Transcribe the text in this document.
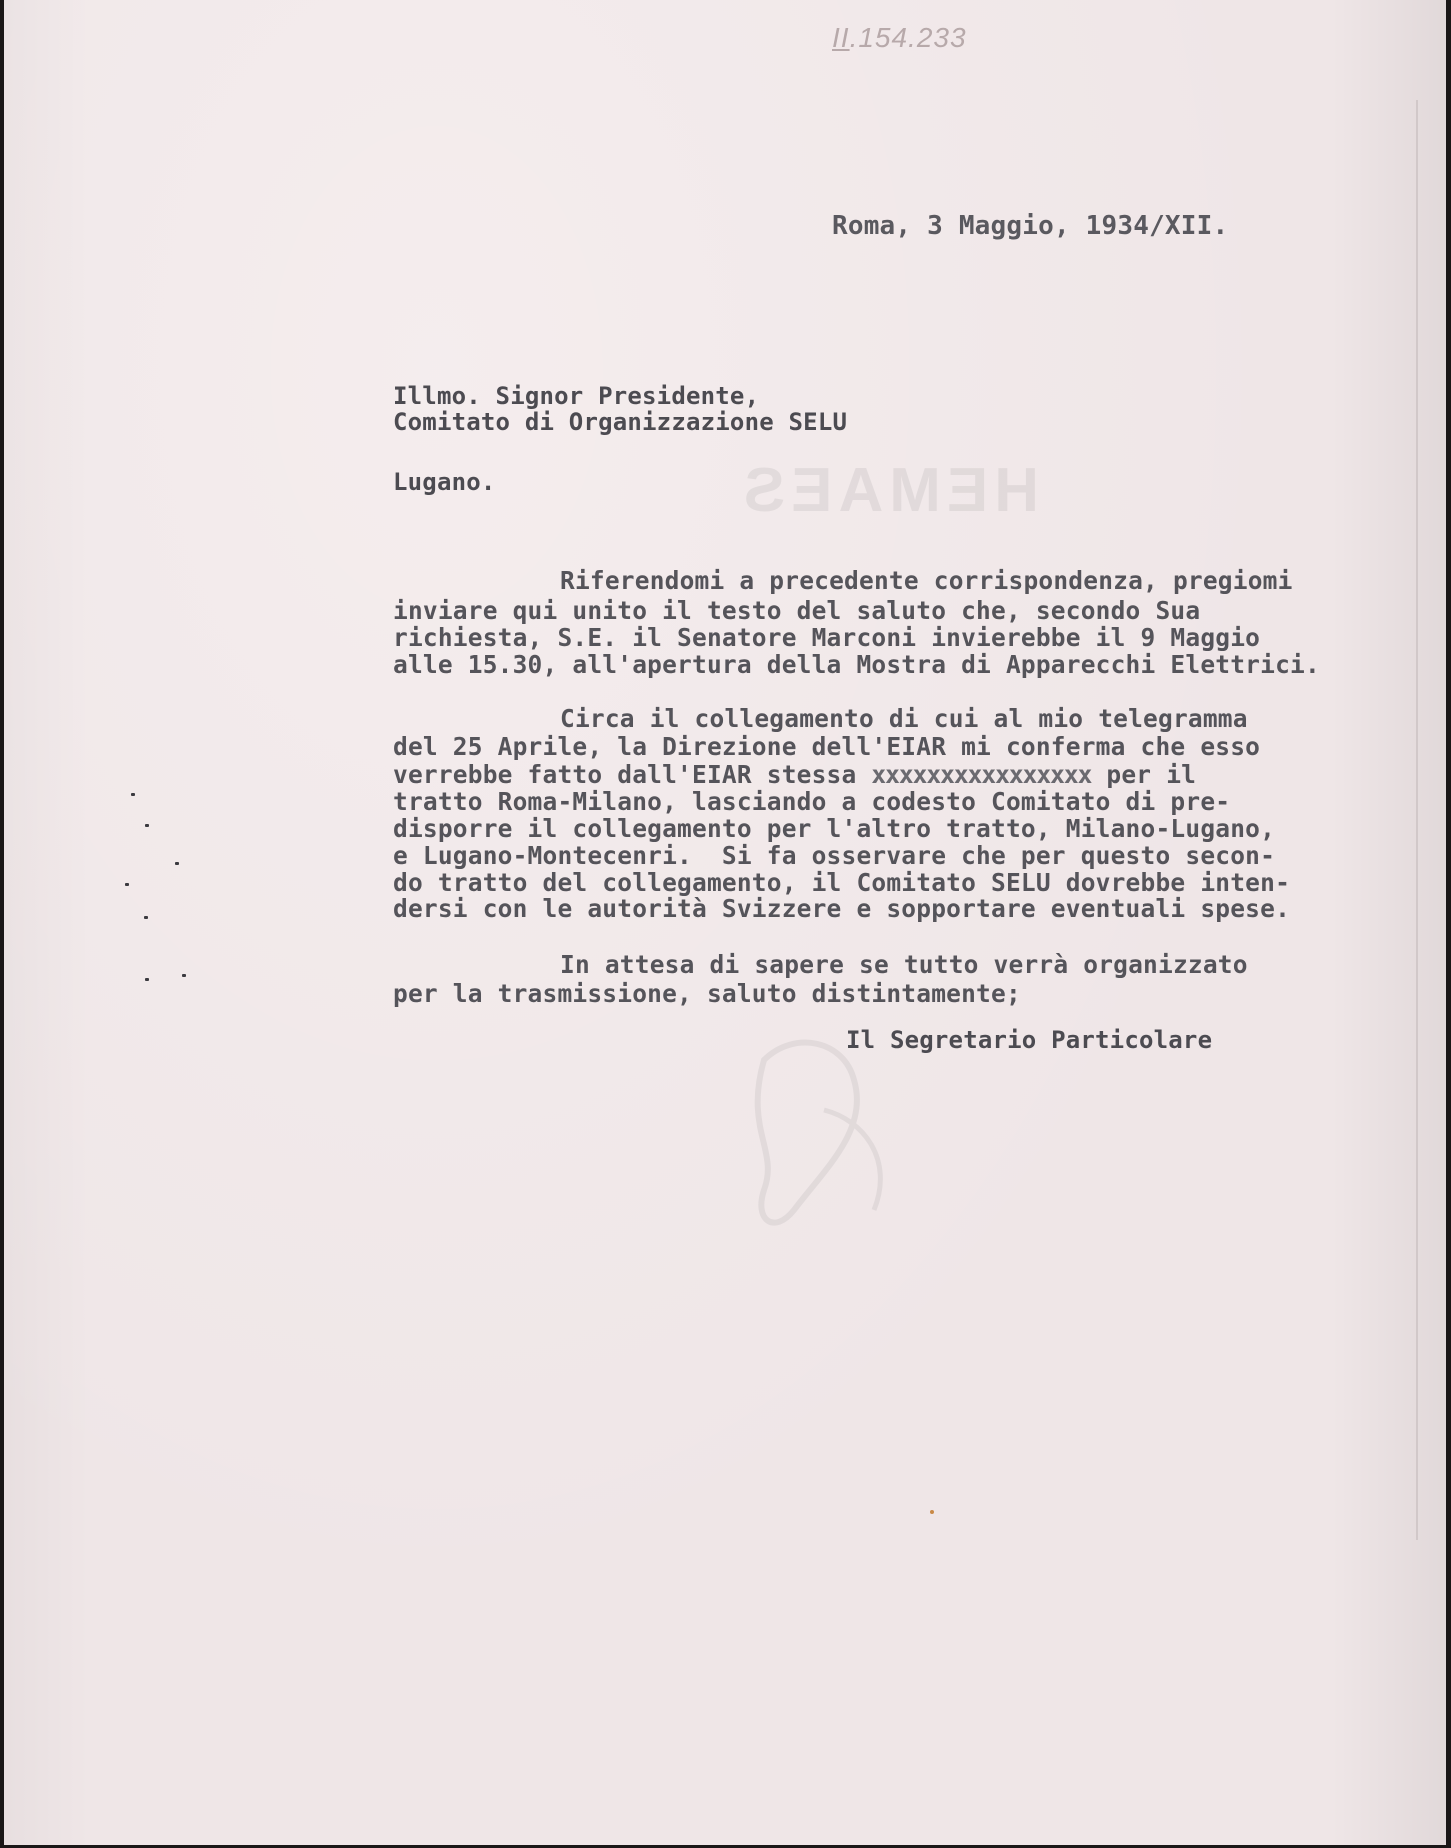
HEMAES
II.154.233
Roma, 3 Maggio, 1934/XII.
Illmo. Signor Presidente,
Comitato di Organizzazione SELU
Lugano.
Riferendomi a precedente corrispondenza, pregiomi
inviare qui unito il testo del saluto che, secondo Sua
richiesta, S.E. il Senatore Marconi invierebbe il 9 Maggio
alle 15.30, all'apertura della Mostra di Apparecchi Elettrici.
Circa il collegamento di cui al mio telegramma
del 25 Aprile, la Direzione dell'EIAR mi conferma che esso
verrebbe fatto dall'EIAR stessa xxxxxxxxxxxxxxxx per il
tratto Roma-Milano, lasciando a codesto Comitato di pre-
disporre il collegamento per l'altro tratto, Milano-Lugano,
e Lugano-Montecenri.  Si fa osservare che per questo secon-
do tratto del collegamento, il Comitato SELU dovrebbe inten-
dersi con le autorità Svizzere e sopportare eventuali spese.
In attesa di sapere se tutto verrà organizzato
per la trasmissione, saluto distintamente;
Il Segretario Particolare
